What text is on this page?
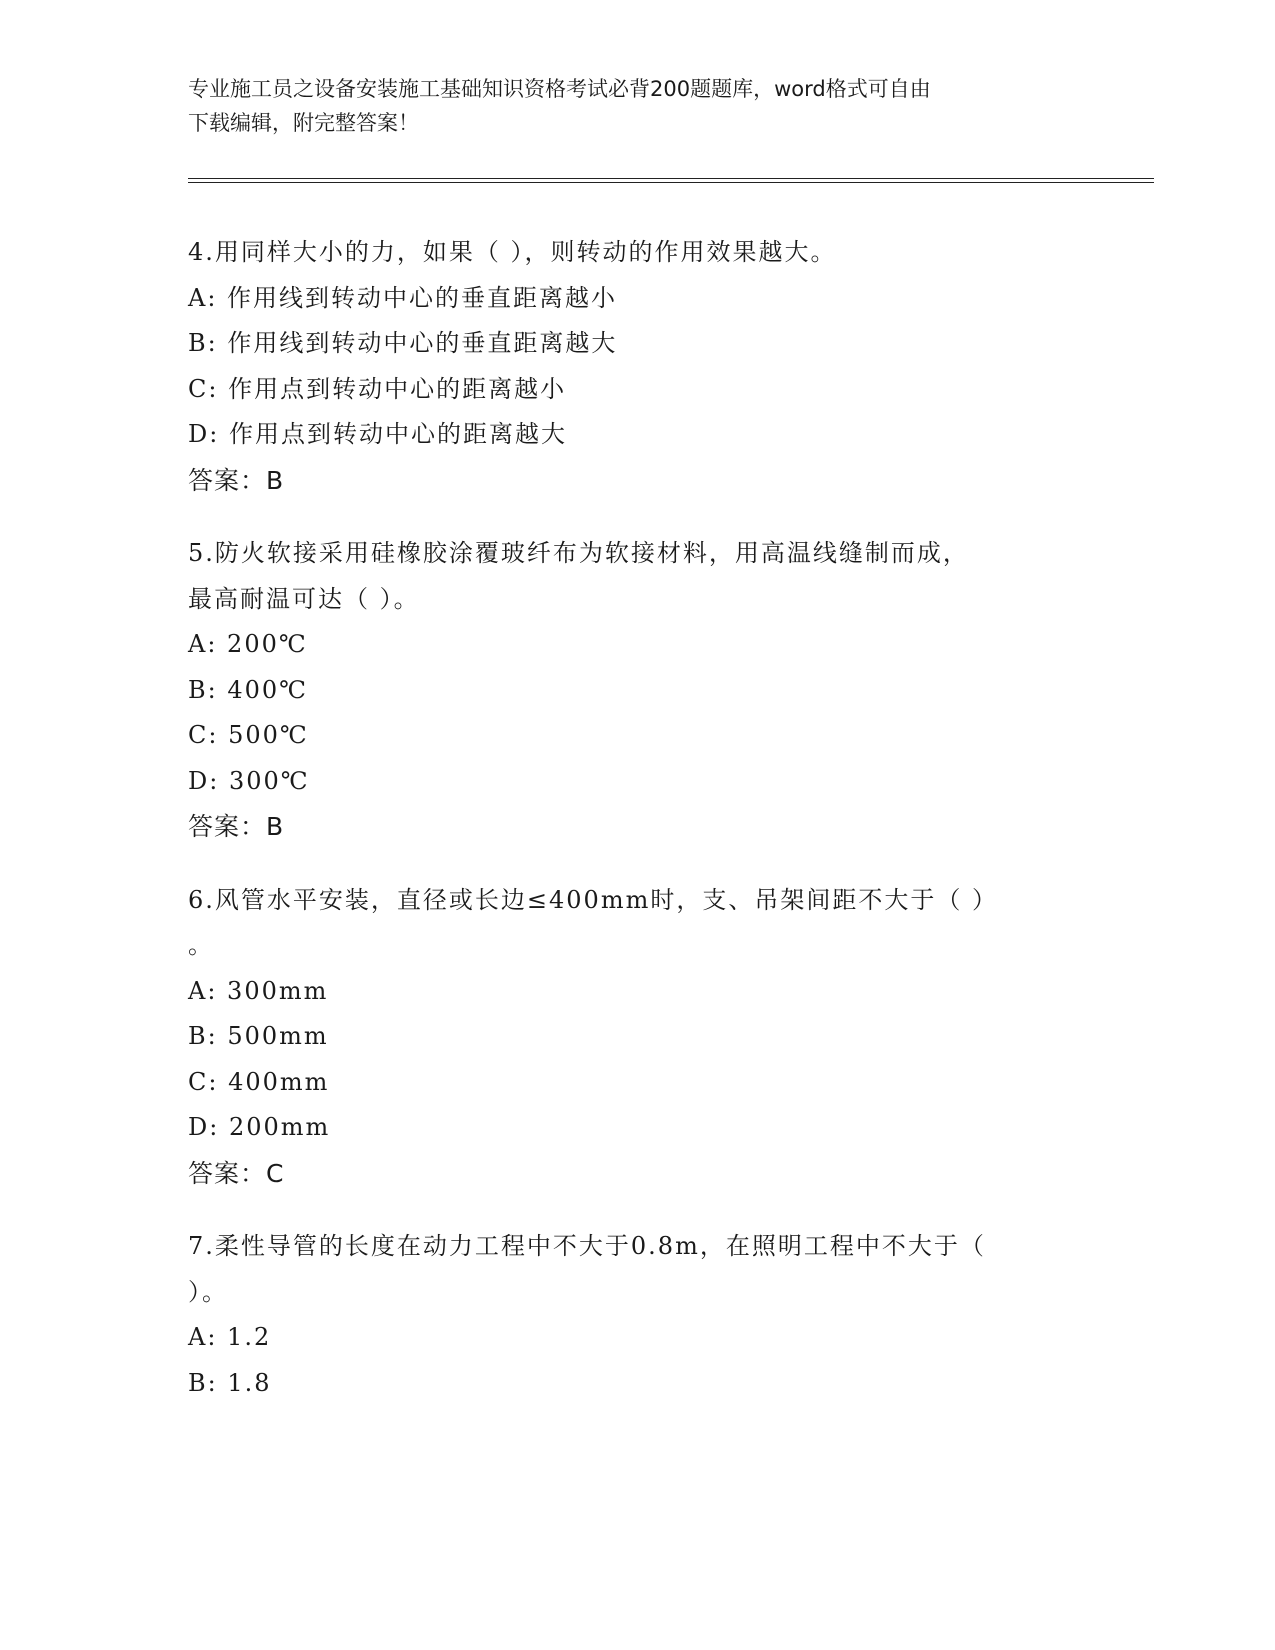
专业施工员之设备安装施工基础知识资格考试必背200题题库，word格式可自由
下载编辑，附完整答案！
4.用同样大小的力，如果（ ），则转动的作用效果越大。
A: 作用线到转动中心的垂直距离越小
B: 作用线到转动中心的垂直距离越大
C: 作用点到转动中心的距离越小
D: 作用点到转动中心的距离越大
答案：B
5.防火软接采用硅橡胶涂覆玻纤布为软接材料，用高温线缝制而成，
最高耐温可达（ ）。
A: 200℃
B: 400℃
C: 500℃
D: 300℃
答案：B
6.风管水平安装，直径或长边≤400mm时，支、吊架间距不大于（ ）
。
A: 300mm
B: 500mm
C: 400mm
D: 200mm
答案：C
7.柔性导管的长度在动力工程中不大于0.8m，在照明工程中不大于（
）。
A: 1.2
B: 1.8
